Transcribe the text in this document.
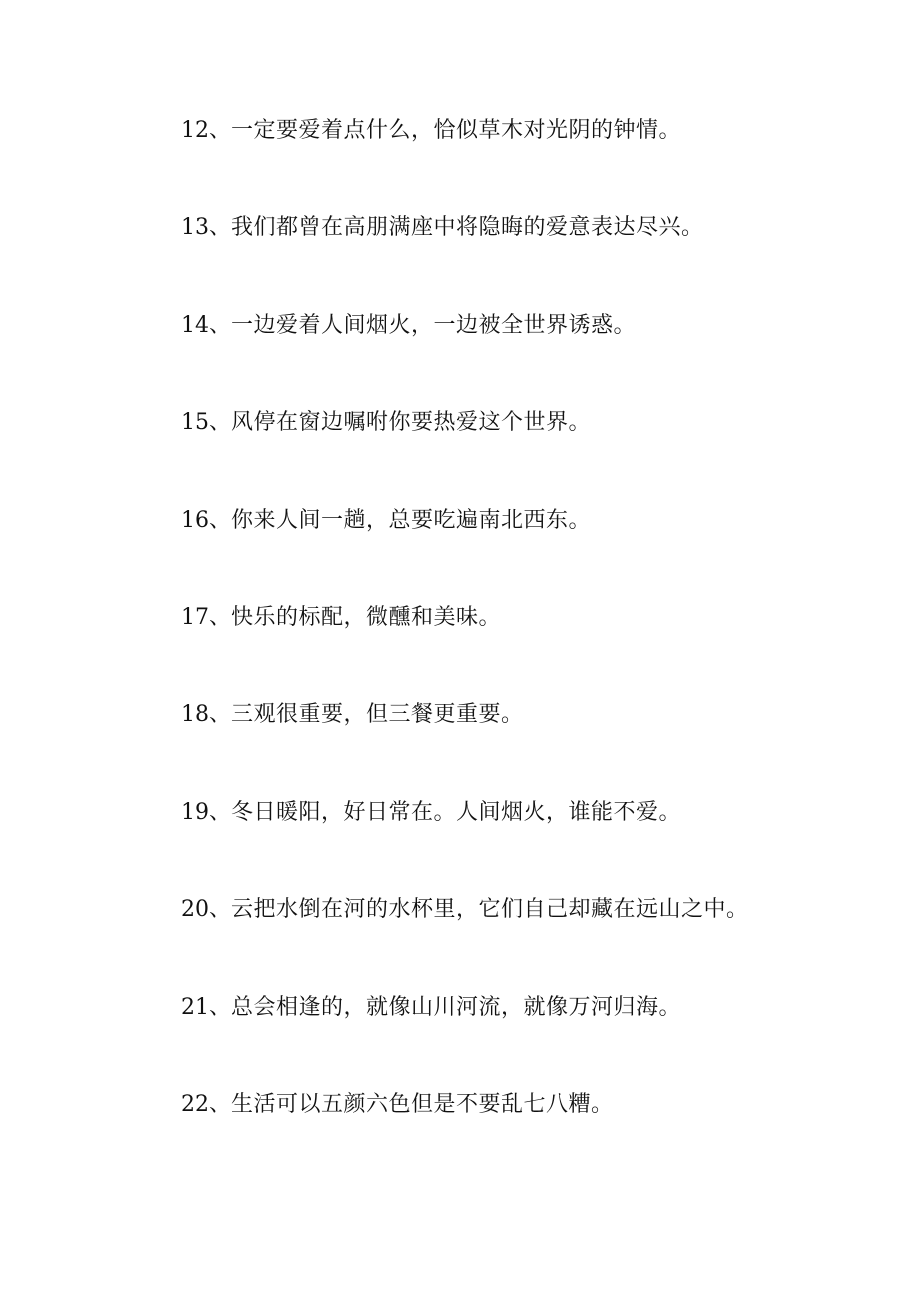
12 、 一定要爱着点什么，恰似草木对光阴的钟情。
13 、 我们都曾在高朋满座中将隐晦的爱意表达尽兴。
14 、 一边爱着人间烟火，一边被全世界诱惑。
15 、 风停在窗边嘱咐你要热爱这个世界。
16 、 你来人间一趟，总要吃遍南北西东。
17 、 快乐的标配，微醺和美味。
18 、 三观很重要，但三餐更重要。
19 、 冬日暖阳，好日常在。人间烟火，谁能不爱。
20 、 云把水倒在河的水杯里，它们自己却藏在远山之中。
21 、 总会相逢的，就像山川河流，就像万河归海。
22 、 生活可以五颜六色但是不要乱七八糟。
